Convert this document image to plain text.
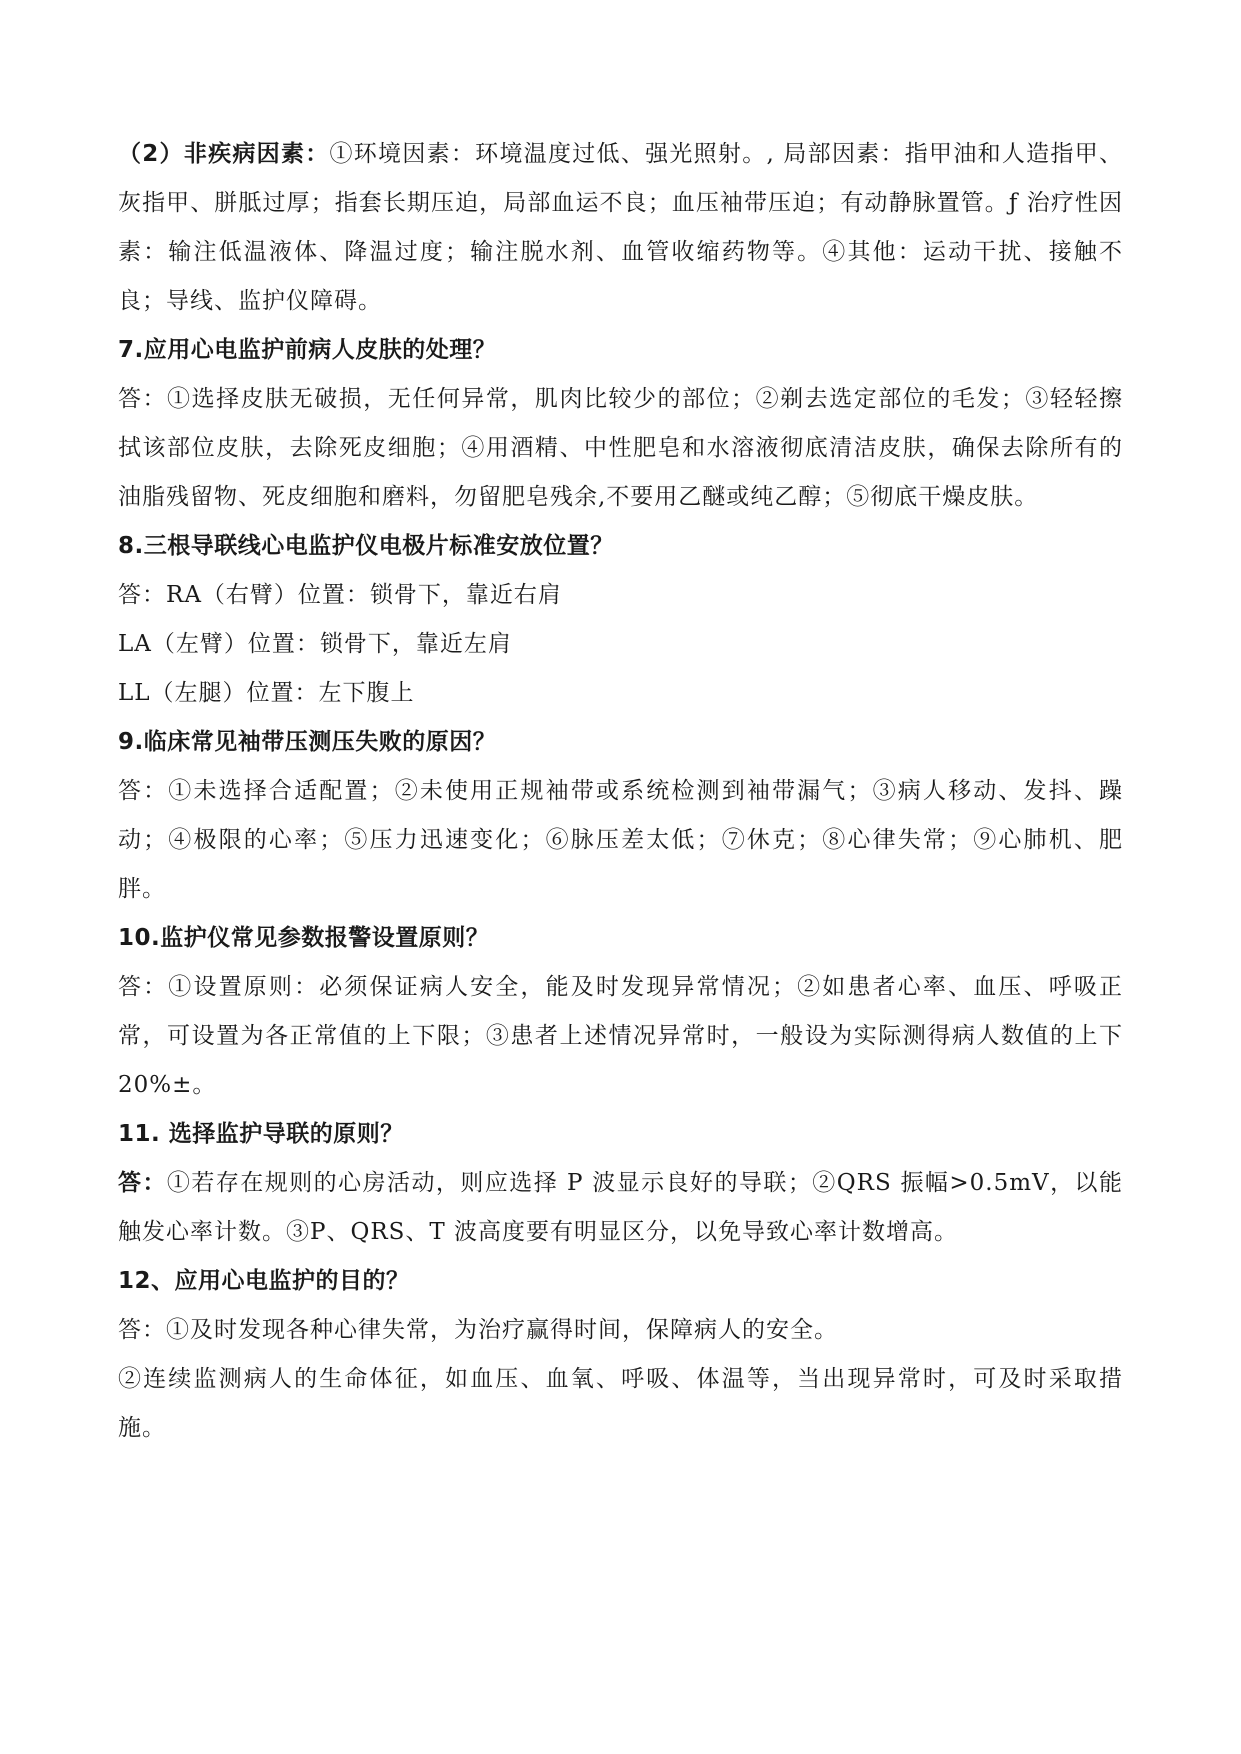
（2）非疾病因素：①环境因素：环境温度过低、强光照射。, 局部因素：指甲油和人造指甲、灰指甲、胼胝过厚；指套长期压迫，局部血运不良；血压袖带压迫；有动静脉置管。ƒ 治疗性因素：输注低温液体、降温过度；输注脱水剂、血管收缩药物等。④其他：运动干扰、接触不良；导线、监护仪障碍。

7.应用心电监护前病人皮肤的处理？

答：①选择皮肤无破损，无任何异常，肌肉比较少的部位；②剃去选定部位的毛发；③轻轻擦拭该部位皮肤，去除死皮细胞；④用酒精、中性肥皂和水溶液彻底清洁皮肤，确保去除所有的油脂残留物、死皮细胞和磨料，勿留肥皂残余,不要用乙醚或纯乙醇；⑤彻底干燥皮肤。

8.三根导联线心电监护仪电极片标准安放位置？

答：RA（右臂）位置：锁骨下，靠近右肩

LA（左臂）位置：锁骨下，靠近左肩

LL（左腿）位置：左下腹上

9.临床常见袖带压测压失败的原因？

答：①未选择合适配置；②未使用正规袖带或系统检测到袖带漏气；③病人移动、发抖、躁动；④极限的心率；⑤压力迅速变化；⑥脉压差太低；⑦休克；⑧心律失常；⑨心肺机、肥胖。

10.监护仪常见参数报警设置原则？

答：①设置原则：必须保证病人安全，能及时发现异常情况；②如患者心率、血压、呼吸正常，可设置为各正常值的上下限；③患者上述情况异常时，一般设为实际测得病人数值的上下 20%±。

11. 选择监护导联的原则？

答：①若存在规则的心房活动，则应选择 P 波显示良好的导联；②QRS 振幅>0.5mV，以能触发心率计数。③P、QRS、T 波高度要有明显区分，以免导致心率计数增高。

12、应用心电监护的目的？

答：①及时发现各种心律失常，为治疗赢得时间，保障病人的安全。

②连续监测病人的生命体征，如血压、血氧、呼吸、体温等，当出现异常时，可及时采取措施。
